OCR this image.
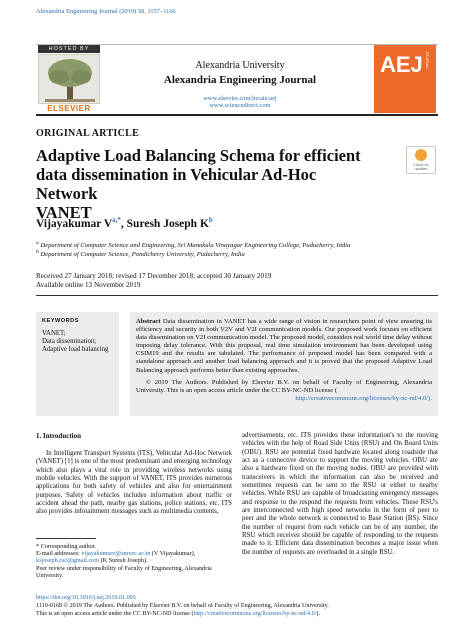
Alexandria Engineering Journal (2019) 58, 1157–1166
HOSTED BY
ELSEVIER
Alexandria University
Alexandria Engineering Journal
www.elsevier.com/locate/aej
www.sciencedirect.com
AEJ JOURNAL
ORIGINAL ARTICLE
Adaptive Load Balancing Schema for efficient
data dissemination in Vehicular Ad-Hoc Network
VANET
Check for updates
Vijayakumar $V^{a,*}$, Suresh Joseph $K^b$
$^a$ Department of Computer Science and Engineering, Sri Manakula Vinayagar Engineering College, Puducherry, India
$^b$ Department of Computer Science, Pondicherry University, Puducherry, India
Received 27 January 2018; revised 17 December 2018; accepted 30 January 2019
Available online 13 November 2019
KEYWORDS
VANET;
Data dissemination;
Adaptive load balancing
Abstract Data dissemination in VANET has a wide range of vision in researchers point of view ensuring its efficiency and security in both V2V and V2I communication models. Our proposed work focuses on efficient data dissemination on V2I communication model. The proposed model, considers real world time delay without imposing delay tolerance. With this proposal, real time simulation environment has been developed using CSIM19 and the results are tabulated. The performance of proposed model has been compared with a standalone approach and another load balancing approach and it is proved that the proposed Adaptive Load Balancing approach performs better than existing approaches.
© 2019 The Authors. Published by Elsevier B.V. on behalf of Faculty of Engineering, Alexandria University. This is an open access article under the CC BY-NC-ND license (
http://creativecommons.org/licenses/by-nc-nd/4.0/).
1. Introduction

In Intelligent Transport Systems (ITS), Vehicular Ad-Hoc Network (VANET) [1] is one of the most predominant and emerging technology which also plays a vital role in providing wireless networks using mobile vehicles. With the support of VANET, ITS provides numerous applications for both safety of vehicles and also for entertainment purposes. Safety of vehicles includes information about traffic or accident ahead the path, nearby gas stations, police stations, etc. ITS also provides infotainment messages such as multimedia contents,

advertisements, etc. ITS provides these information's to the moving vehicles with the help of Road Side Units (RSU) and On Board Units (OBU). RSU are potential fixed hardware located along roadside that act as a connective device to support the moving vehicles. OBU are also a hardware fixed on the moving nodes. OBU are provided with transceivers in which the information can also be received and sometimes requests can be sent to the RSU or either to nearby vehicles. While RSU are capable of broadcasting emergency messages and response to the respond the requests from vehicles. These RSU's are interconnected with high speed networks in the form of peer to peer and the whole network is connected to Base Station (BS). Since the number of request from each vehicle can be of any number, the RSU which receives should be capable of responding to the requests made to it. Efficient data dissemination becomes a major issue when the number of requests are overloaded in a single RSU.

* Corresponding author.
E-mail addresses: vijayakumarv@smvec.ac.in (V Vijayakumar), ksjoseph.csc@gmail.com (K Suresh Joseph).
Peer review under responsibility of Faculty of Engineering, Alexandria University.
https://doi.org/10.1016/j.aej.2019.01.005
1110-0168 © 2019 The Authors. Published by Elsevier B.V. on behalf of Faculty of Engineering, Alexandria University.
This is an open access article under the CC BY-NC-ND license (http://creativecommons.org/licenses/by-nc-nd/4.0/).
